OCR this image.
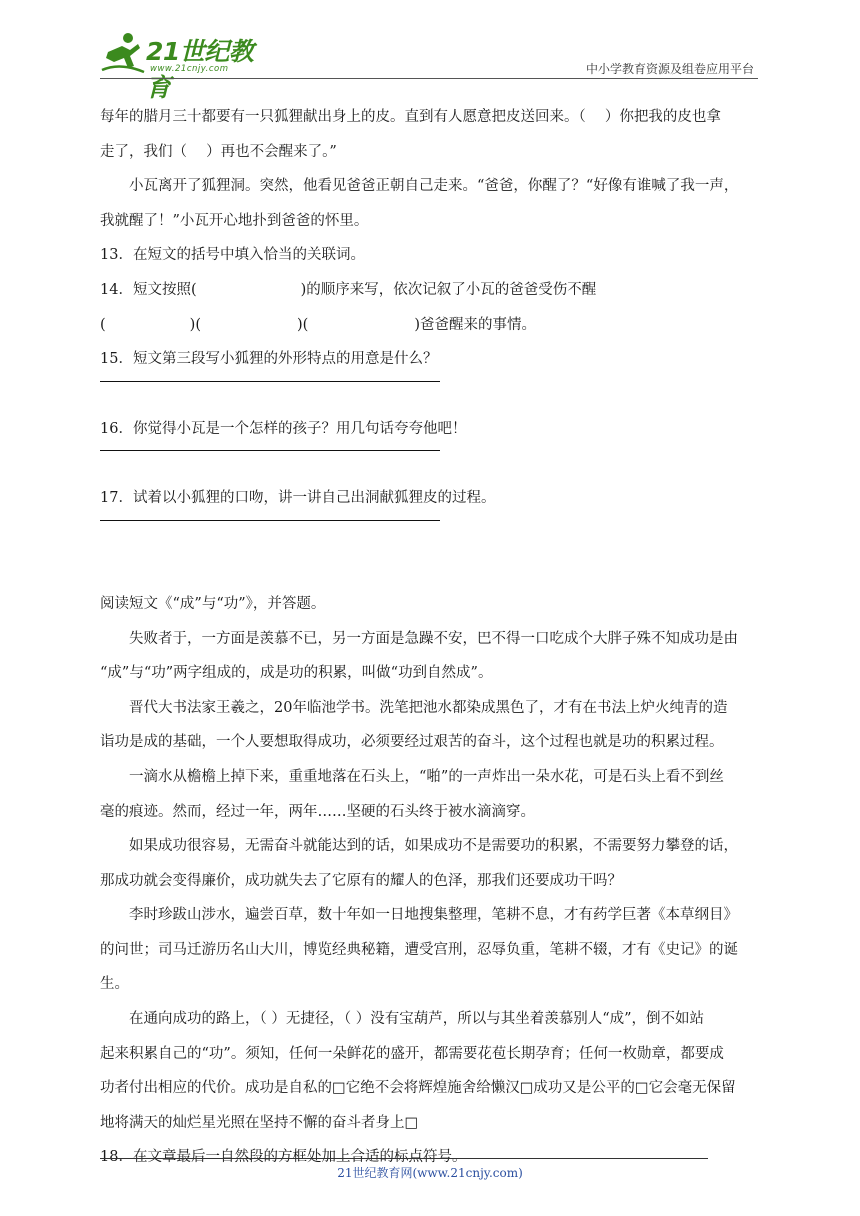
21世纪教育
www.21cnjy.com	中小学教育资源及组卷应用平台
每年的腊月三十都要有一只狐狸献出身上的皮。直到有人愿意把皮送回来。（　 ）你把我的皮也拿
走了，我们（　 ）再也不会醒来了。”
小瓦离开了狐狸洞。突然，他看见爸爸正朝自己走来。“爸爸，你醒了？“好像有谁喊了我一声，
我就醒了！”小瓦开心地扑到爸爸的怀里。
13．在短文的括号中填入恰当的关联词。
14．短文按照(	)的顺序来写，依次记叙了小瓦的爸爸受伤不醒
(	)(	)(	)爸爸醒来的事情。
15．短文第三段写小狐狸的外形特点的用意是什么？
16．你觉得小瓦是一个怎样的孩子？用几句话夸夸他吧！
17．试着以小狐狸的口吻，讲一讲自己出洞献狐狸皮的过程。
阅读短文《“成”与“功”》，并答题。
失败者于，一方面是羡慕不已，另一方面是急躁不安，巴不得一口吃成个大胖子殊不知成功是由
“成”与“功”两字组成的，成是功的积累，叫做“功到自然成”。
晋代大书法家王羲之，20年临池学书。洗笔把池水都染成黑色了，才有在书法上炉火纯青的造
诣功是成的基础，一个人要想取得成功，必须要经过艰苦的奋斗，这个过程也就是功的积累过程。
一滴水从檐檐上掉下来，重重地落在石头上，“啪”的一声炸出一朵水花，可是石头上看不到丝
毫的痕迹。然而，经过一年，两年……坚硬的石头终于被水滴滴穿。
如果成功很容易，无需奋斗就能达到的话，如果成功不是需要功的积累，不需要努力攀登的话，
那成功就会变得廉价，成功就失去了它原有的耀人的色泽，那我们还要成功干吗？
李时珍跋山涉水，遍尝百草，数十年如一日地搜集整理，笔耕不息，才有药学巨著《本草纲目》
的问世；司马迁游历名山大川，博览经典秘籍，遭受宫刑，忍辱负重，笔耕不辍，才有《史记》的诞
生。
在通向成功的路上，（ ）无捷径，（ ）没有宝葫芦，所以与其坐着羡慕别人“成”，倒不如站
起来积累自己的“功”。须知，任何一朵鲜花的盛开，都需要花苞长期孕育；任何一枚勋章，都要成
功者付出相应的代价。成功是自私的□它绝不会将辉煌施舍给懒汉□成功又是公平的□它会毫无保留
地将满天的灿烂星光照在坚持不懈的奋斗者身上□
18．在文章最后一自然段的方框处加上合适的标点符号。
21世纪教育网(www.21cnjy.com)
